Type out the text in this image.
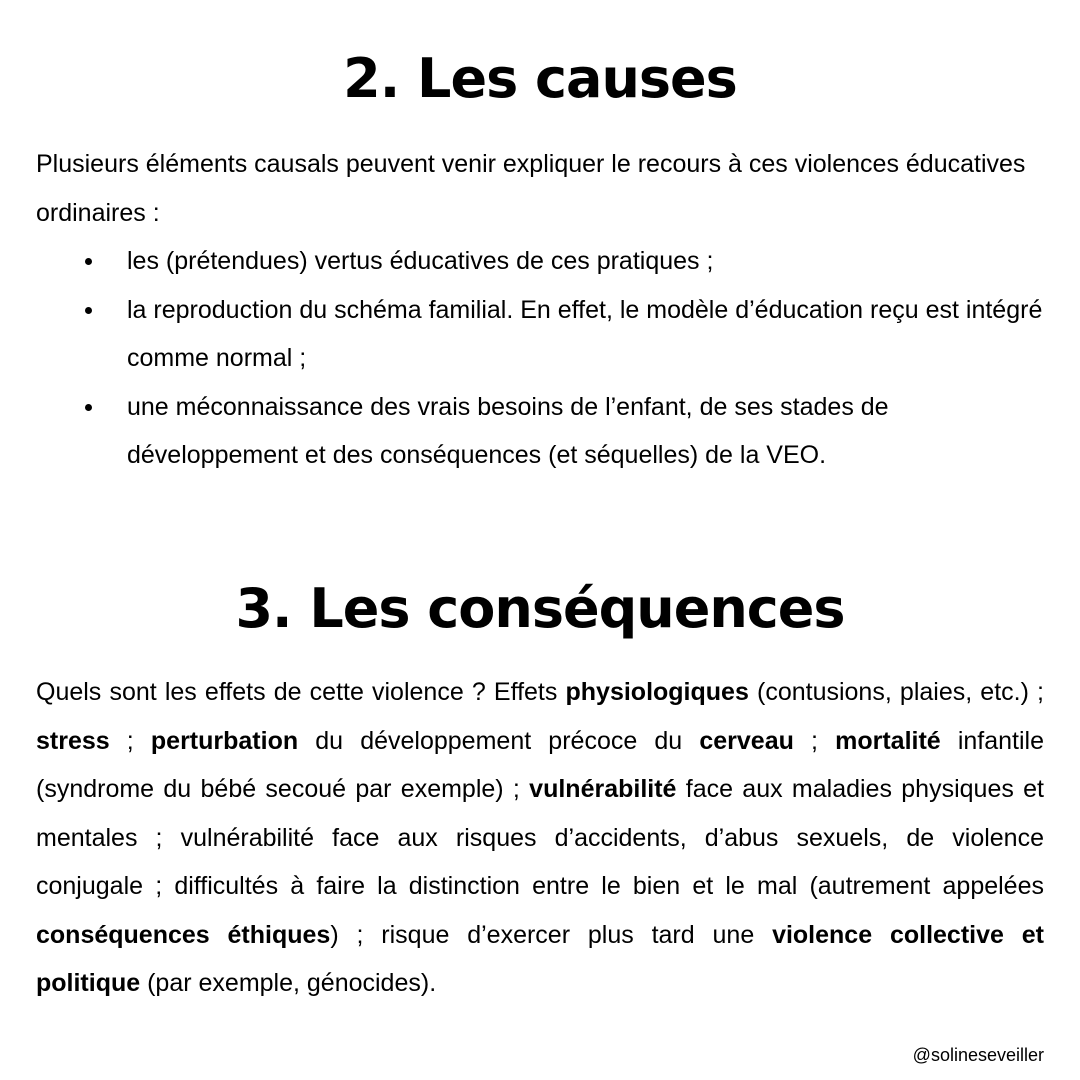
2. Les causes

Plusieurs éléments causals peuvent venir expliquer le recours à ces violences éducatives ordinaires :

les (prétendues) vertus éducatives de ces pratiques ;
la reproduction du schéma familial. En effet, le modèle d’éducation reçu est intégré comme normal ;
une méconnaissance des vrais besoins de l’enfant, de ses stades de développement et des conséquences (et séquelles) de la VEO.
3. Les conséquences

Quels sont les effets de cette violence ? Effets physiologiques (contusions, plaies, etc.) ; stress ; perturbation du développement précoce du cerveau ; mortalité infantile (syndrome du bébé secoué par exemple) ; vulnérabilité face aux maladies physiques et mentales ; vulnérabilité face aux risques d’accidents, d’abus sexuels, de violence conjugale ; difficultés à faire la distinction entre le bien et le mal (autrement appelées conséquences éthiques) ; risque d’exercer plus tard une violence collective et politique (par exemple, génocides).

@solineseveiller
